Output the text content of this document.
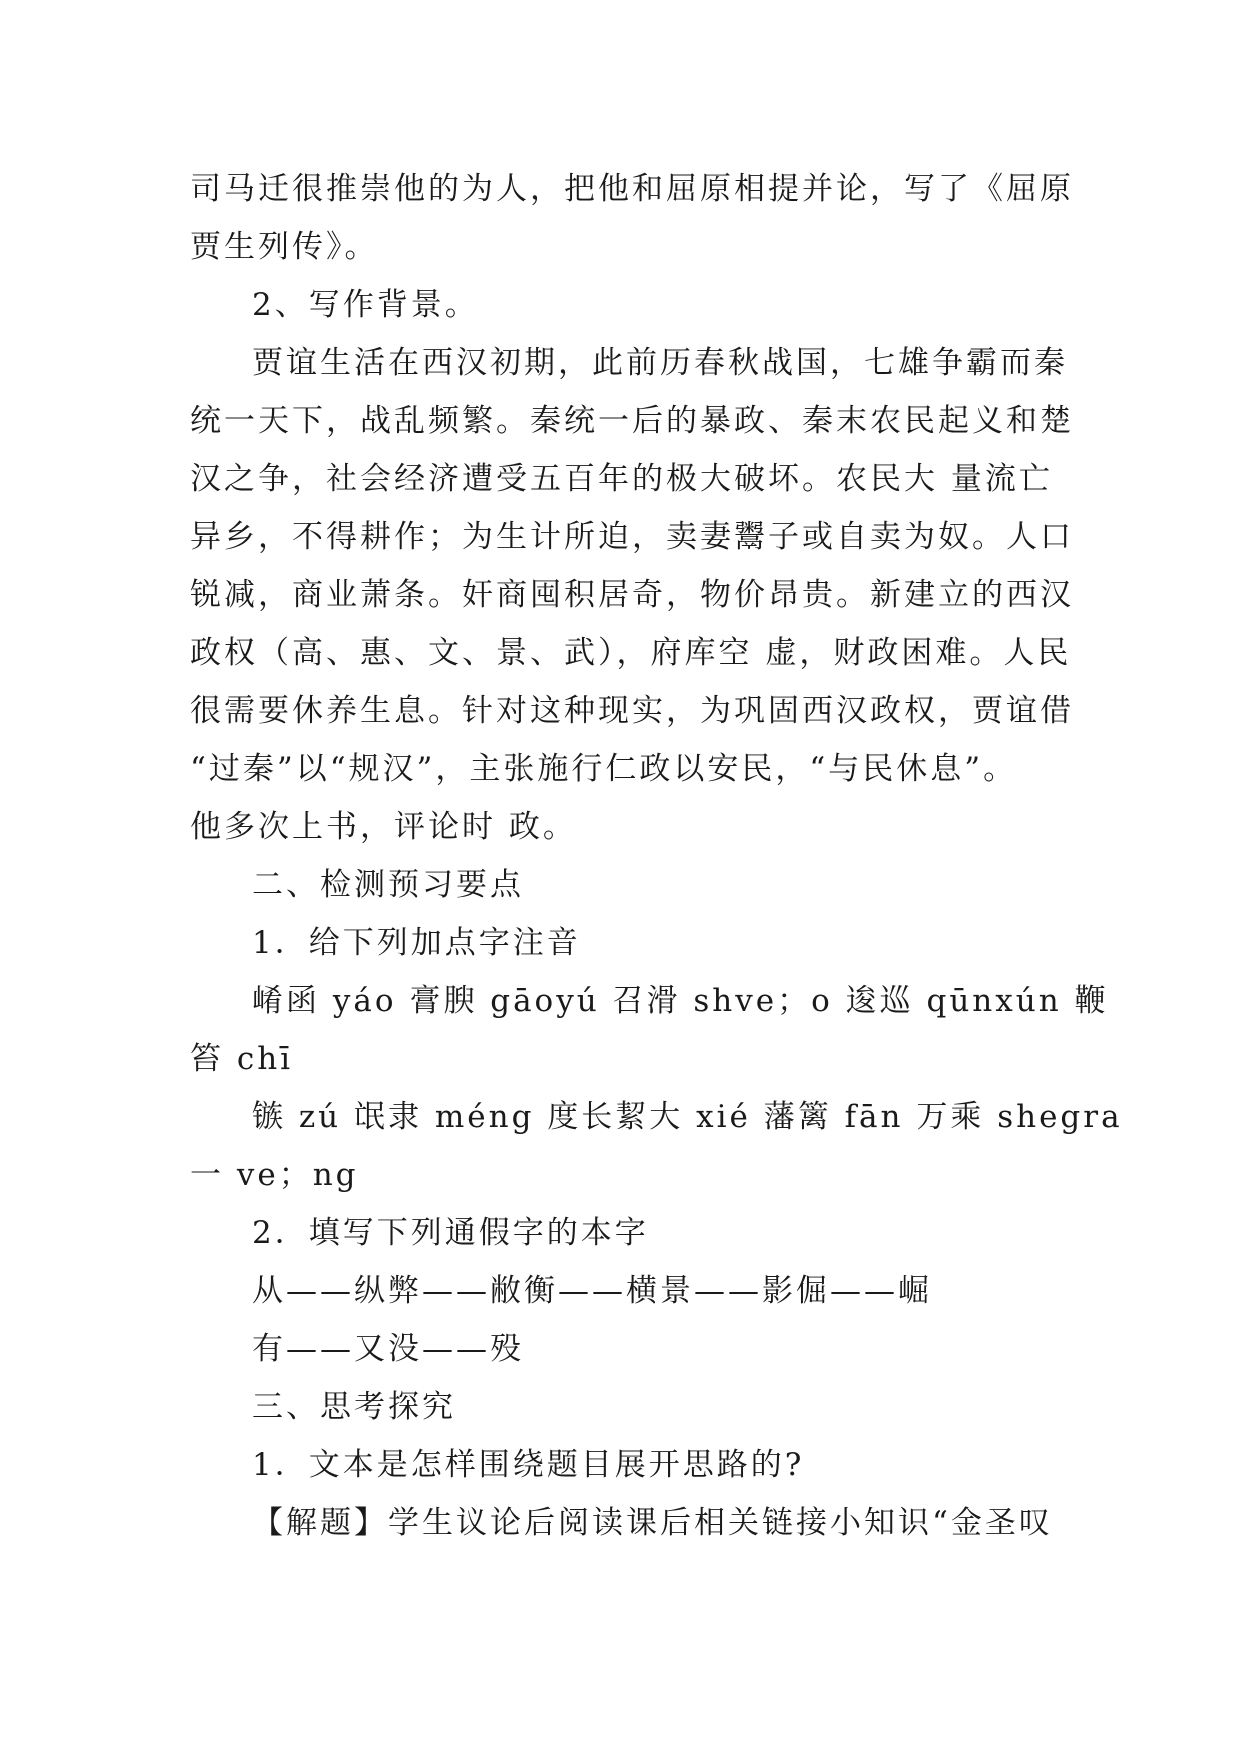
司马迁很推崇他的为人，把他和屈原相提并论，写了《屈原
贾生列传》。
2、写作背景。
贾谊生活在西汉初期，此前历春秋战国，七雄争霸而秦
统一天下，战乱频繁。秦统一后的暴政、秦末农民起义和楚
汉之争，社会经济遭受五百年的极大破坏。农民大 量流亡
异乡，不得耕作；为生计所迫，卖妻鬻子或自卖为奴。人口
锐减，商业萧条。奸商囤积居奇，物价昂贵。新建立的西汉
政权（高、惠、文、景、武），府库空 虚，财政困难。人民
很需要休养生息。针对这种现实，为巩固西汉政权，贾谊借
“过秦”以“规汉”，主张施行仁政以安民，“与民休息”。
他多次上书，评论时 政。
二、检测预习要点
1．给下列加点字注音
崤函 yáo 膏腴 gāoyú 召滑 shve；o 逡巡 qūnxún 鞭
笞 chī
镞 zú 氓隶 méng 度长絜大 xié 藩篱 fān 万乘 shegra
一 ve；ng
2．填写下列通假字的本字
从——纵弊——敝衡——横景——影倔——崛
有——又没——殁
三、思考探究
1．文本是怎样围绕题目展开思路的?
【解题】学生议论后阅读课后相关链接小知识“金圣叹
